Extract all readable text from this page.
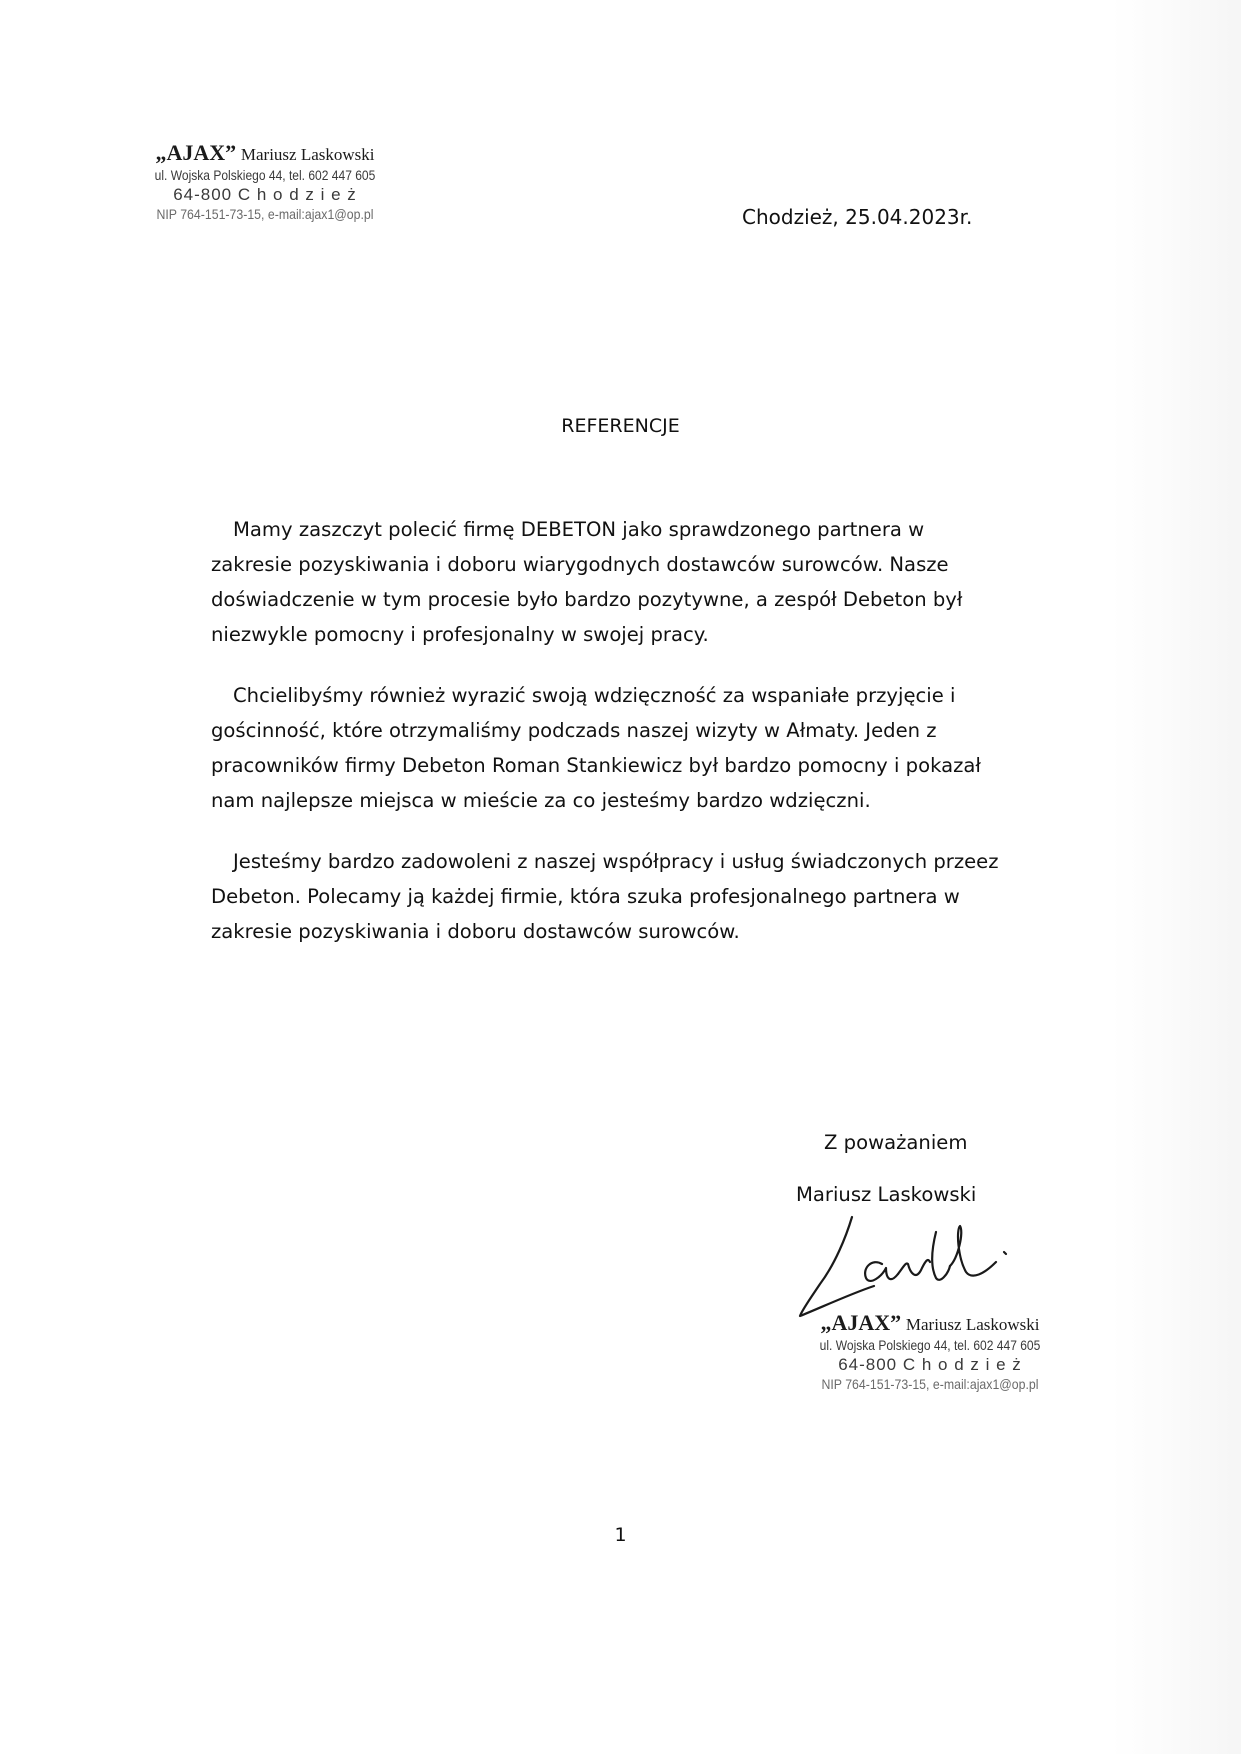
„AJAX” Mariusz Laskowski
ul. Wojska Polskiego 44, tel. 602 447 605
64-800 C h o d z i e ż
NIP 764-151-73-15, e-mail:ajax1@op.pl	Chodzież, 25.04.2023r.
REFERENCJE

Mamy zaszczyt polecić firmę DEBETON jako sprawdzonego partnera w zakresie pozyskiwania i doboru wiarygodnych dostawców surowców. Nasze doświadczenie w tym procesie było bardzo pozytywne, a zespół Debeton był niezwykle pomocny i profesjonalny w swojej pracy.

Chcielibyśmy również wyrazić swoją wdzięczność za wspaniałe przyjęcie i gościnność, które otrzymaliśmy podczads naszej wizyty w Ałmaty. Jeden z pracowników firmy Debeton Roman Stankiewicz był bardzo pomocny i pokazał nam najlepsze miejsca w mieście za co jesteśmy bardzo wdzięczni.

Jesteśmy bardzo zadowoleni z naszej współpracy i usług świadczonych przeez Debeton. Polecamy ją każdej firmie, która szuka profesjonalnego partnera w zakresie pozyskiwania i doboru dostawców surowców.

Z poważaniem
Mariusz Laskowski
„AJAX” Mariusz Laskowski
ul. Wojska Polskiego 44, tel. 602 447 605
64-800 C h o d z i e ż
NIP 764-151-73-15, e-mail:ajax1@op.pl
1
